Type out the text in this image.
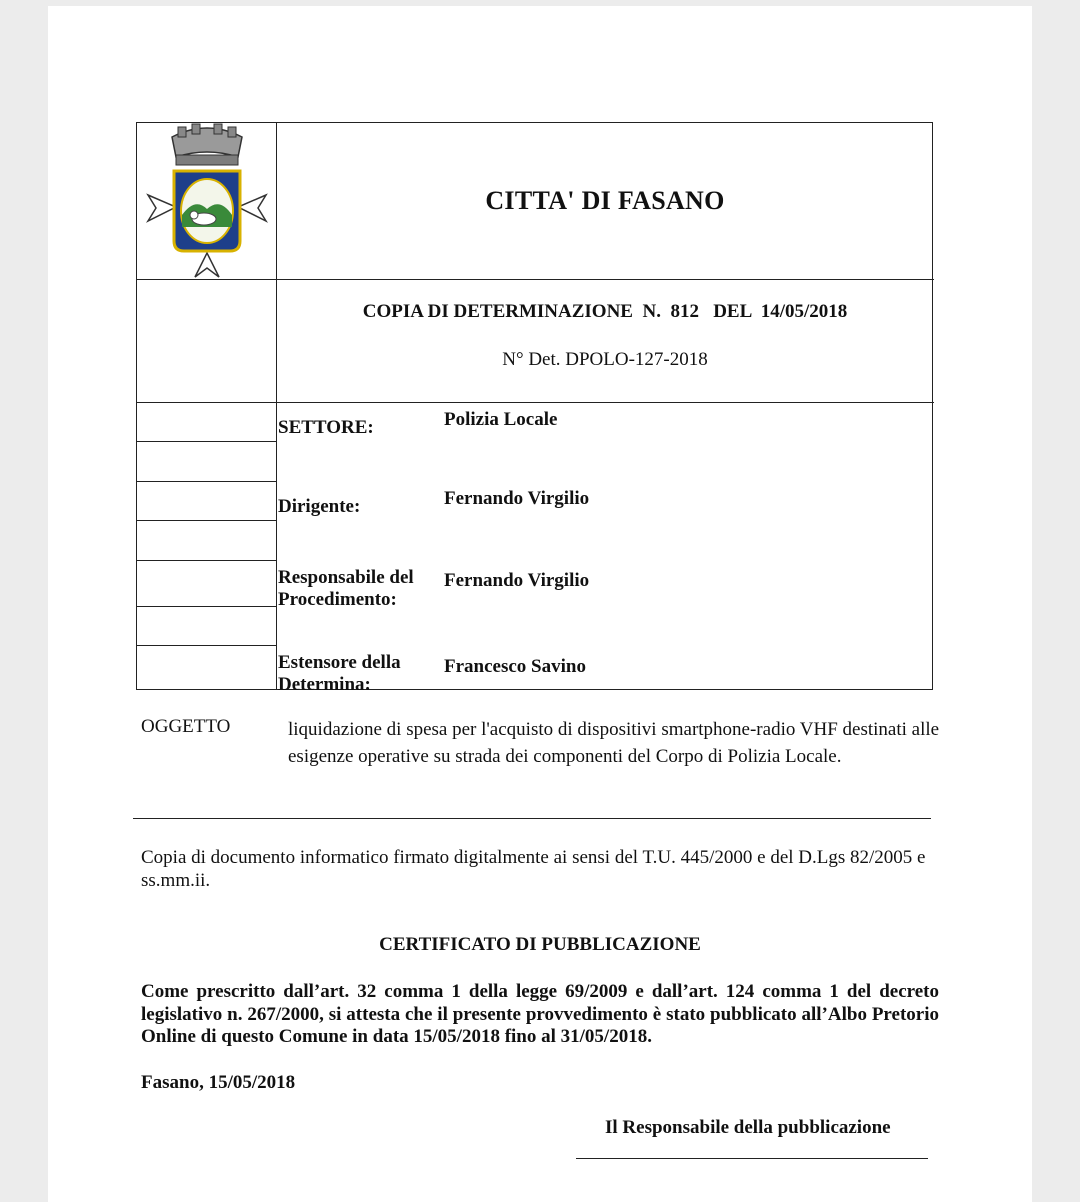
CITTA' DI FASANO
COPIA DI DETERMINAZIONE  N.  812   DEL  14/05/2018
N° Det. DPOLO-127-2018
SETTORE:	Polizia Locale
Dirigente:	Fernando Virgilio
Responsabile del Procedimento:
Fernando Virgilio
Estensore della Determina:
Francesco Savino
OGGETTO	liquidazione di spesa per l'acquisto di dispositivi smartphone-radio VHF destinati alle esigenze operative su strada dei componenti del Corpo di Polizia Locale.
Copia di documento informatico firmato digitalmente ai sensi del T.U. 445/2000 e del D.Lgs 82/2005 e ss.mm.ii.
CERTIFICATO DI PUBBLICAZIONE
Come prescritto dall’art. 32 comma 1 della legge 69/2009 e dall’art. 124 comma 1 del decreto legislativo n. 267/2000, si attesta che il presente provvedimento è stato pubblicato all’Albo Pretorio Online di questo Comune in data 15/05/2018 fino al 31/05/2018.
Fasano, 15/05/2018
Il Responsabile della pubblicazione
